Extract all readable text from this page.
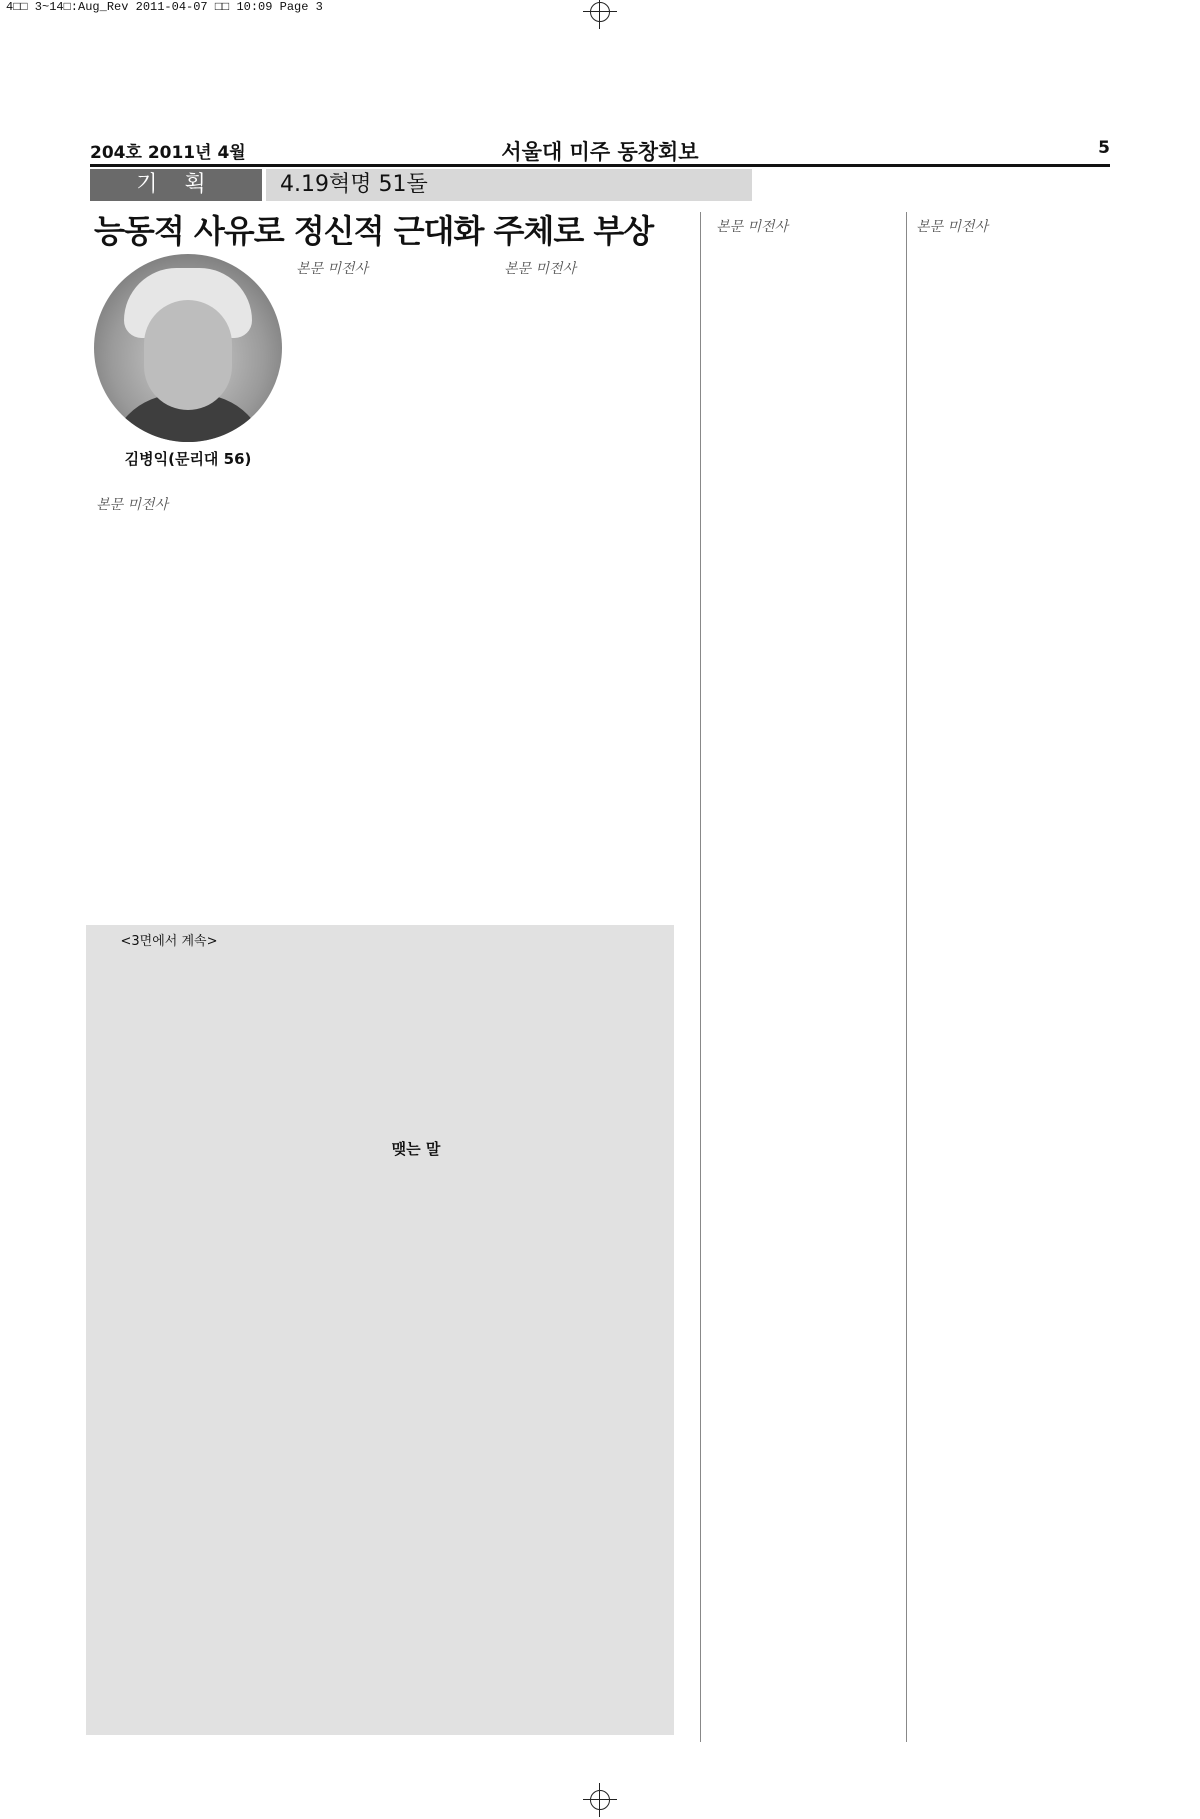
4□□ 3~14□:Aug_Rev 2011-04-07 □□ 10:09 Page 3
서울대 미주 동창회보
204호 2011년 4월	5
기 획	4.19혁명 51돌
능동적 사유로 정신적 근대화 주체로 부상
김병익(문리대 56)
<3면에서 계속>
맺는 말
본문 미전사
본문 미전사	본문 미전사
본문 미전사	본문 미전사
